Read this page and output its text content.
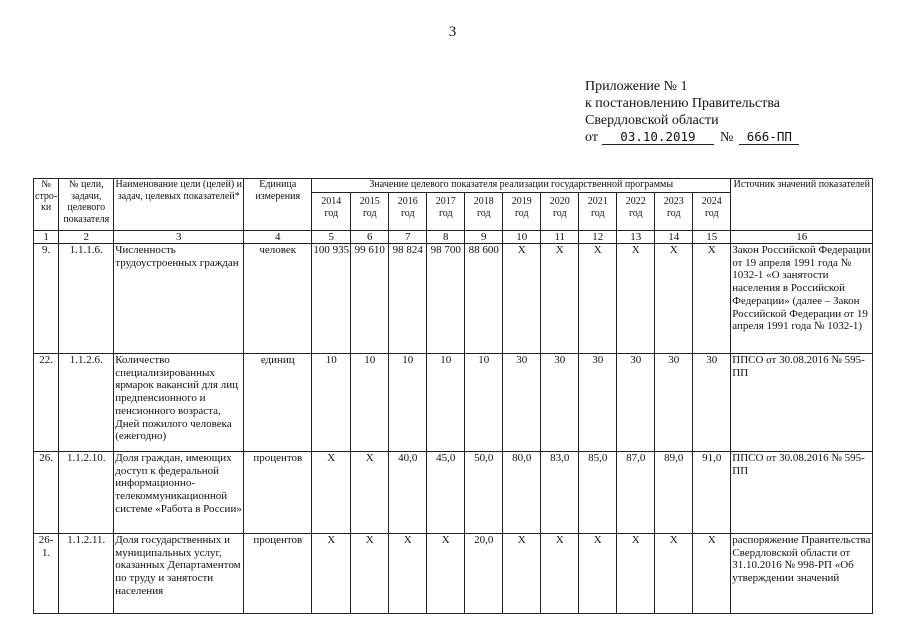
3
Приложение № 1
к постановлению Правительства
Свердловской области
от	03.10.2019	№	666-ПП
№ стро-ки	№ цели, задачи, целевого показателя	Наименование цели (целей) и задач, целевых показателей*	Единица измерения	Значение целевого показателя реализации государственной программы											Источник значений показателей
				2014 год	2015 год	2016 год	2017 год	2018 год	2019 год	2020 год	2021 год	2022 год	2023 год	2024 год	
1	2	3	4	5	6	7	8	9	10	11	12	13	14	15	16
9.	1.1.1.6.	Численность трудоустроенных граждан	человек	100 935	99 610	98 824	98 700	88 600	X	X	X	X	X	X	Закон Российской Федерации от 19 апреля 1991 года № 1032-1 «О занятости населения в Российской Федерации» (далее – Закон Российской Федерации от 19 апреля 1991 года № 1032-1)
22.	1.1.2.6.	Количество специализированных ярмарок вакансий для лиц предпенсионного и пенсионного возраста, Дней пожилого человека (ежегодно)	единиц	10	10	10	10	10	30	30	30	30	30	30	ППСО от 30.08.2016 № 595-ПП
26.	1.1.2.10.	Доля граждан, имеющих доступ к федеральной информационно-телекоммуникационной системе «Работа в России»	процентов	X	X	40,0	45,0	50,0	80,0	83,0	85,0	87,0	89,0	91,0	ППСО от 30.08.2016 № 595-ПП
26-1.	1.1.2.11.	Доля государственных и муниципальных услуг, оказанных Департаментом по труду и занятости населения	процентов	X	X	X	X	20,0	X	X	X	X	X	X	распоряжение Правительства Свердловской области от 31.10.2016 № 998-РП «Об утверждении значений
